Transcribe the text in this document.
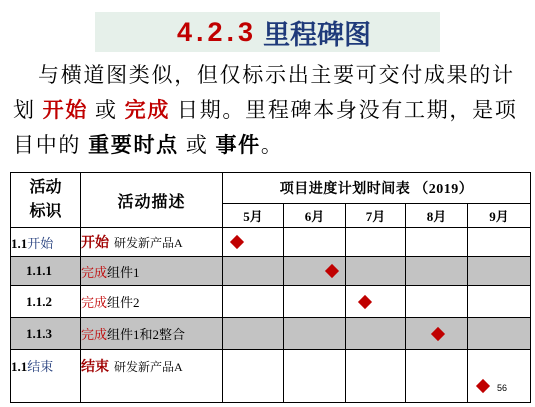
4.2.3 里程碑图
与横道图类似，但仅标示出主要可交付成果的计
划 开始 或 完成 日期。里程碑本身没有工期，是项
目中的 重要时点 或 事件。
活动
标识	活动描述	项目进度计划时间表 （2019）				
		5月	6月	7月	8月	9月
1.1开始	开始 研发新产品A	

1.1.1	完成组件1		

1.1.2	完成组件2			

1.1.3	完成组件1和2整合				

1.1结束	结束 研发新产品A					
56
